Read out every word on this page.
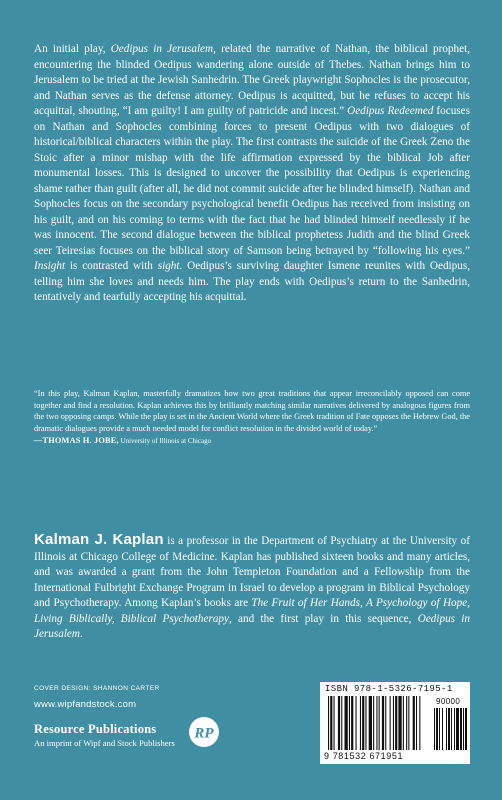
An initial play, Oedipus in Jerusalem, related the narrative of Nathan, the biblical prophet, encountering the blinded Oedipus wandering alone outside of Thebes. Nathan brings him to Jerusalem to be tried at the Jewish Sanhedrin. The Greek playwright Sophocles is the prosecutor, and Nathan serves as the defense attorney. Oedipus is acquitted, but he refuses to accept his acquittal, shouting, “I am guilty! I am guilty of patricide and incest.” Oedipus Redeemed focuses on Nathan and Sophocles combining forces to present Oedipus with two dialogues of historical/biblical characters within the play. The first contrasts the suicide of the Greek Zeno the Stoic after a minor mishap with the life affirmation expressed by the biblical Job after monumental losses. This is designed to uncover the possibility that Oedipus is experiencing shame rather than guilt (after all, he did not commit suicide after he blinded himself). Nathan and Sophocles focus on the secondary psychological benefit Oedipus has received from insisting on his guilt, and on his coming to terms with the fact that he had blinded himself needlessly if he was innocent. The second dialogue between the biblical prophetess Judith and the blind Greek seer Teiresias focuses on the biblical story of Samson being betrayed by “following his eyes.” Insight is contrasted with sight. Oedipus’s surviving daughter Ismene reunites with Oedipus, telling him she loves and needs him. The play ends with Oedipus’s return to the Sanhedrin, tentatively and tearfully accepting his acquittal.

“In this play, Kalman Kaplan, masterfully dramatizes how two great traditions that appear irreconcilably opposed can come together and find a resolution. Kaplan achieves this by brilliantly matching similar narratives delivered by analogous figures from the two opposing camps. While the play is set in the Ancient World where the Greek tradition of Fate opposes the Hebrew God, the dramatic dialogues provide a much needed model for conflict resolution in the divided world of today.”

—THOMAS H. JOBE, University of Illinois at Chicago

Kalman J. Kaplan is a professor in the Department of Psychiatry at the University of Illinois at Chicago College of Medicine. Kaplan has published sixteen books and many articles, and was awarded a grant from the John Templeton Foundation and a Fellowship from the International Fulbright Exchange Program in Israel to develop a program in Biblical Psychology and Psychotherapy. Among Kaplan’s books are The Fruit of Her Hands, A Psychology of Hope, Living Biblically, Biblical Psychotherapy, and the first play in this sequence, Oedipus in Jerusalem.

COVER DESIGN: SHANNON CARTER
www.wipfandstock.com
Resource Publications
An imprint of Wipf and Stock Publishers
RP
ISBN 978-1-5326-7195-1
90000
9 781532 671951
